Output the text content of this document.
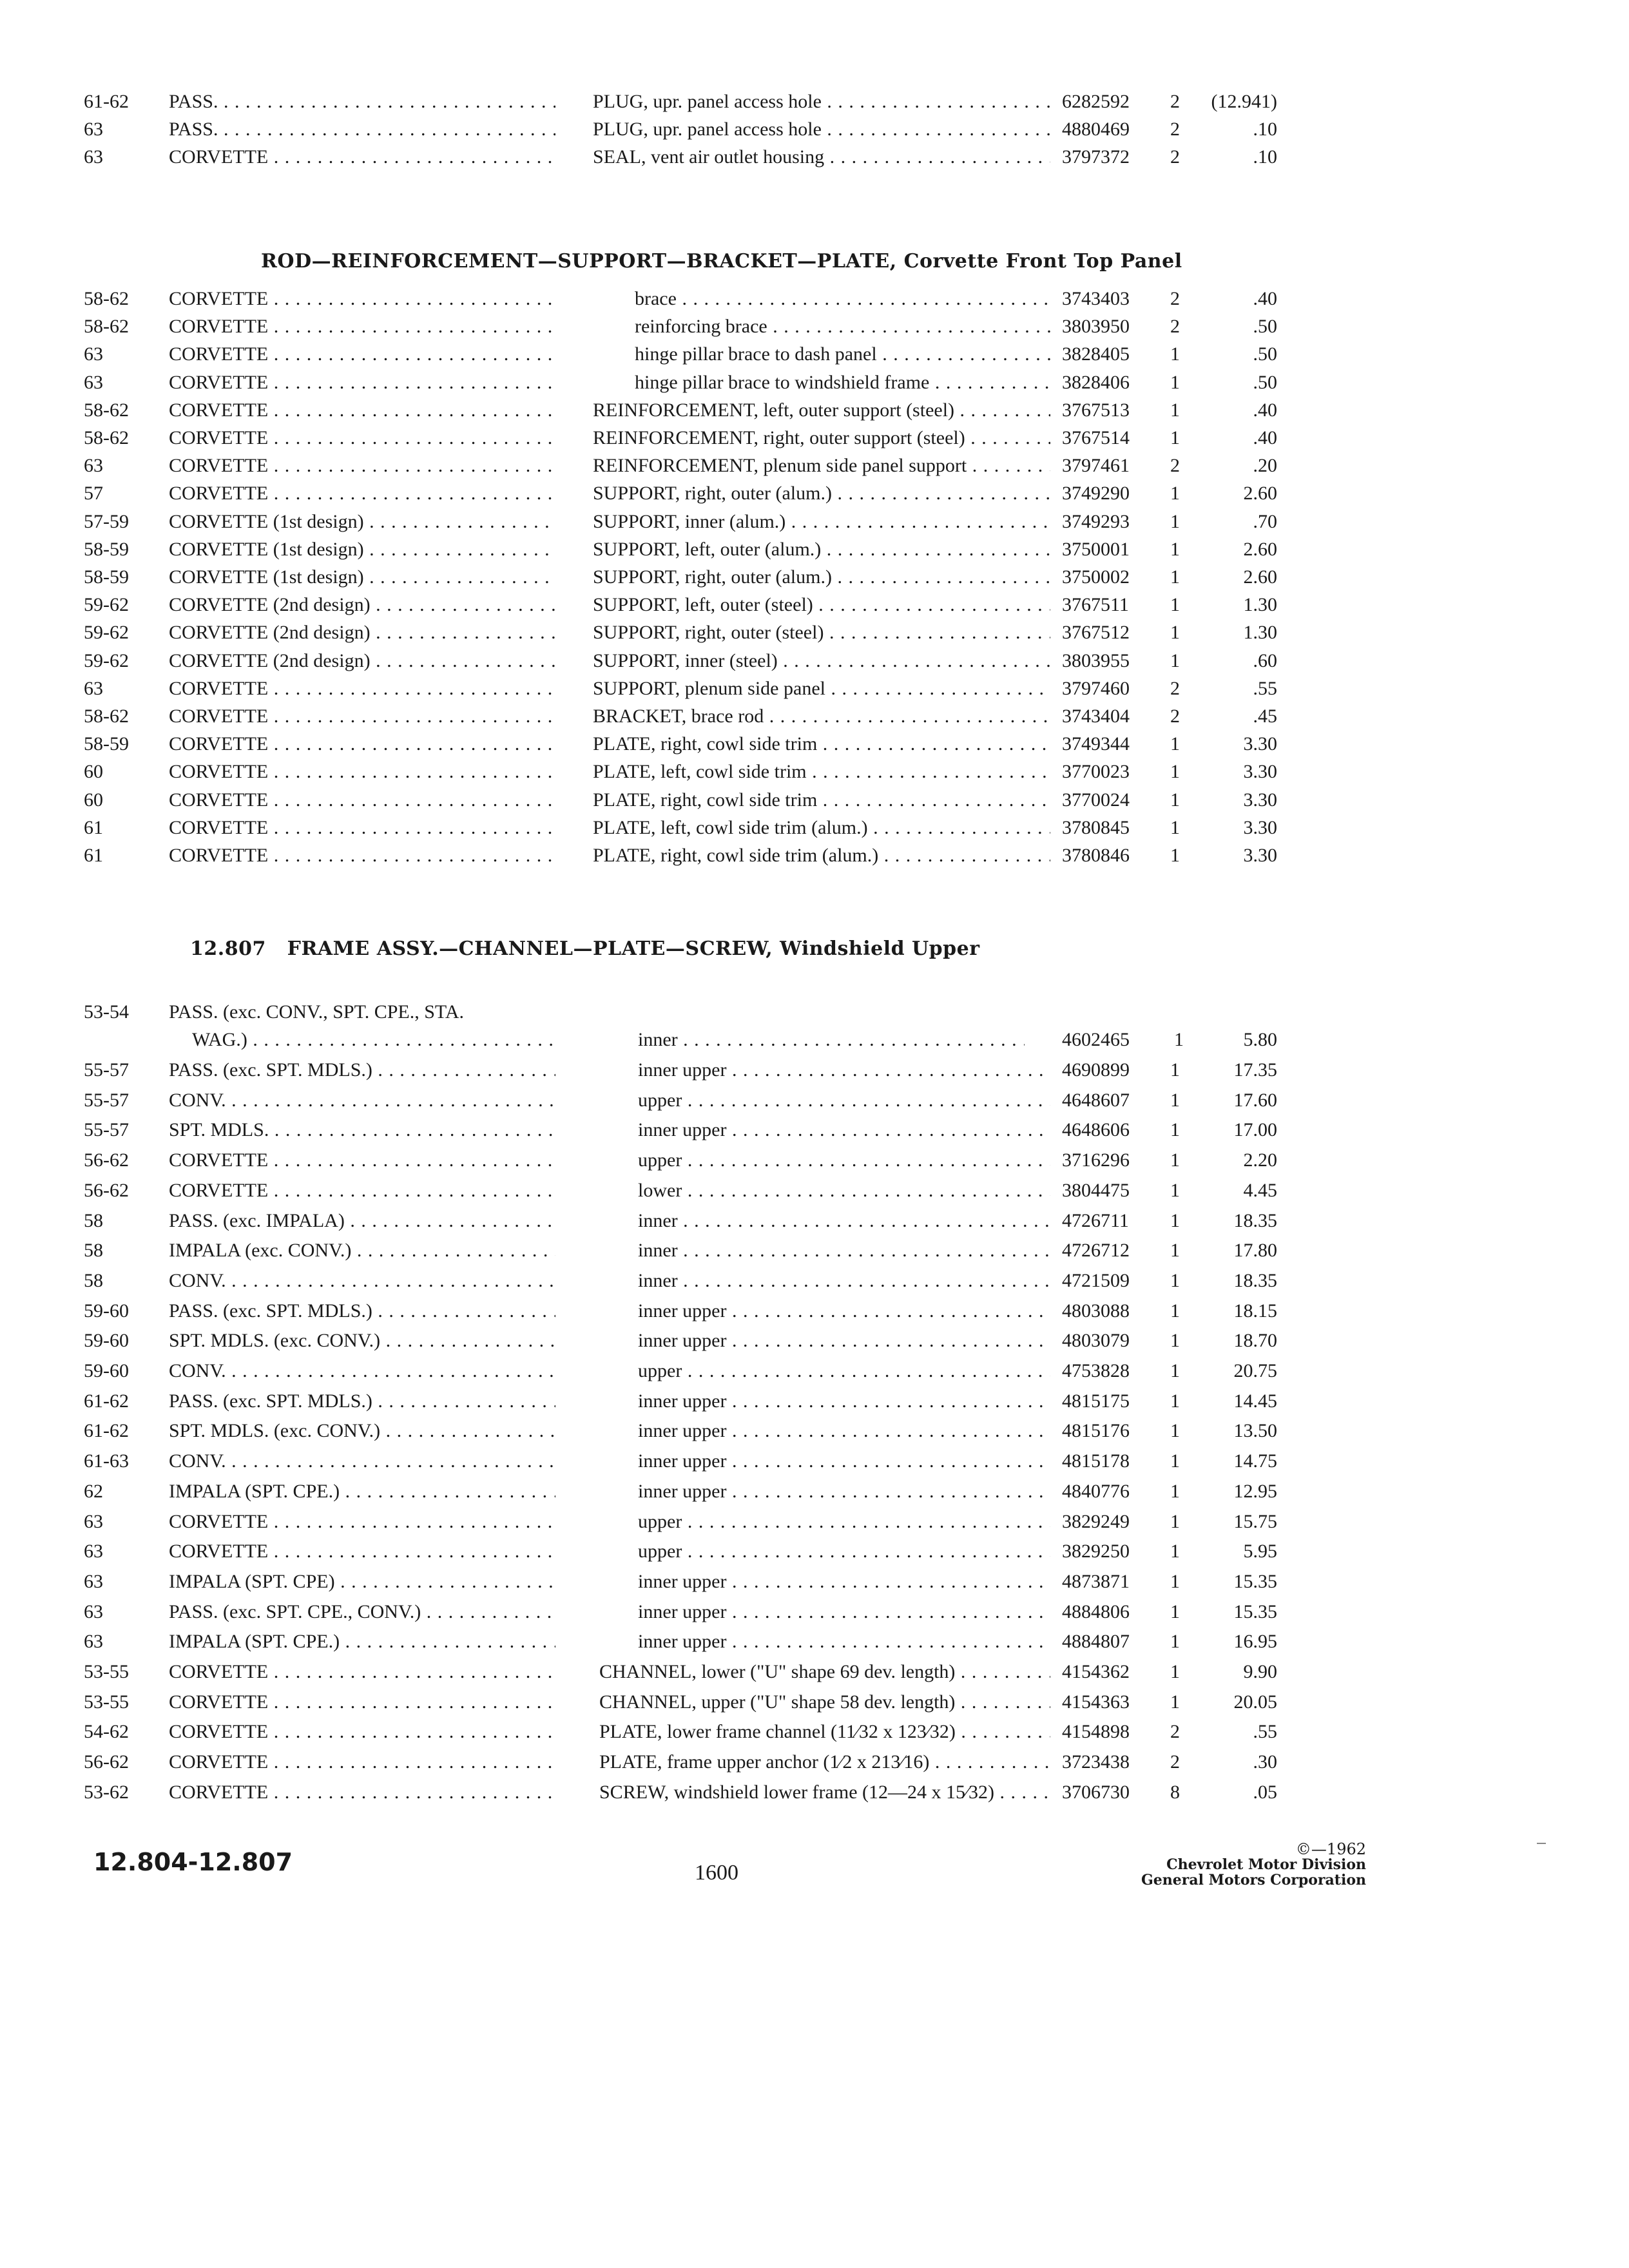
61-62 PASS. . . .	PLUG, upr. panel access hole . . .	6282592 2	(12.941)
63	PASS. . . .	PLUG, upr. panel access hole . . .	4880469 2	.10
63	CORVETTE . . .	SEAL, vent air outlet housing . . .	3797372 2	.10
ROD—REINFORCEMENT—SUPPORT—BRACKET—PLATE, Corvette Front Top Panel
58-62 CORVETTE . . .	brace . . .	3743403 2	.40
58-62 CORVETTE . . .	reinforcing brace . . .	3803950 2	.50
63	CORVETTE . . .	hinge pillar brace to dash panel . . .	3828405 1	.50
63	CORVETTE . . .	hinge pillar brace to windshield frame . . .	3828406 1	.50
58-62 CORVETTE . . .	REINFORCEMENT, left, outer support (steel) . . .	3767513 1	.40
58-62 CORVETTE . . .	REINFORCEMENT, right, outer support (steel) . . .	3767514 1	.40
63	CORVETTE . . .	REINFORCEMENT, plenum side panel support . . .	3797461 2	.20
57	CORVETTE . . .	SUPPORT, right, outer (alum.) . . .	3749290 1	2.60
57-59 CORVETTE (1st design) . . .	SUPPORT, inner (alum.) . . .	3749293 1	.70
58-59 CORVETTE (1st design) . . .	SUPPORT, left, outer (alum.) . . .	3750001 1	2.60
58-59 CORVETTE (1st design) . . .	SUPPORT, right, outer (alum.) . . .	3750002 1	2.60
59-62 CORVETTE (2nd design) . . .	SUPPORT, left, outer (steel) . . .	3767511 1	1.30
59-62 CORVETTE (2nd design) . . .	SUPPORT, right, outer (steel) . . .	3767512 1	1.30
59-62 CORVETTE (2nd design) . . .	SUPPORT, inner (steel) . . .	3803955 1	.60
63	CORVETTE . . .	SUPPORT, plenum side panel . . .	3797460 2	.55
58-62 CORVETTE . . .	BRACKET, brace rod . . .	3743404 2	.45
58-59 CORVETTE . . .	PLATE, right, cowl side trim . . .	3749344 1	3.30
60	CORVETTE . . .	PLATE, left, cowl side trim . . .	3770023 1	3.30
60	CORVETTE . . .	PLATE, right, cowl side trim . . .	3770024 1	3.30
61	CORVETTE . . .	PLATE, left, cowl side trim (alum.) . . .	3780845 1	3.30
61	CORVETTE . . .	PLATE, right, cowl side trim (alum.) . . .	3780846 1	3.30
12.807 FRAME ASSY.—CHANNEL—PLATE—SCREW, Windshield Upper
53-54 PASS. (exc. CONV., SPT. CPE., STA.
WAG.) . . .	inner . . .	4602465 1	5.80
55-57 PASS. (exc. SPT. MDLS.) . . .	inner upper . . .	4690899 1	17.35
55-57 CONV. . . .	upper . . .	4648607 1	17.60
55-57 SPT. MDLS. . . .	inner upper . . .	4648606 1	17.00
56-62 CORVETTE . . .	upper . . .	3716296 1	2.20
56-62 CORVETTE . . .	lower . . .	3804475 1	4.45
58	PASS. (exc. IMPALA) . . .	inner . . .	4726711 1	18.35
58	IMPALA (exc. CONV.) . . .	inner . . .	4726712 1	17.80
58	CONV. . . .	inner . . .	4721509 1	18.35
59-60 PASS. (exc. SPT. MDLS.) . . .	inner upper . . .	4803088 1	18.15
59-60 SPT. MDLS. (exc. CONV.) . . .	inner upper . . .	4803079 1	18.70
59-60 CONV. . . .	upper . . .	4753828 1	20.75
61-62 PASS. (exc. SPT. MDLS.) . . .	inner upper . . .	4815175 1	14.45
61-62 SPT. MDLS. (exc. CONV.) . . .	inner upper . . .	4815176 1	13.50
61-63 CONV. . . .	inner upper . . .	4815178 1	14.75
62	IMPALA (SPT. CPE.) . . .	inner upper . . .	4840776 1	12.95
63	CORVETTE . . .	upper . . .	3829249 1	15.75
63	CORVETTE . . .	upper . . .	3829250 1	5.95
63	IMPALA (SPT. CPE) . . .	inner upper . . .	4873871 1	15.35
63	PASS. (exc. SPT. CPE., CONV.) . . .	inner upper . . .	4884806 1	15.35
63	IMPALA (SPT. CPE.) . . .	inner upper . . .	4884807 1	16.95
53-55 CORVETTE . . .	CHANNEL, lower ("U" shape 69 dev. length) . . .	4154362 1	9.90
53-55 CORVETTE . . .	CHANNEL, upper ("U" shape 58 dev. length) . . .	4154363 1	20.05
54-62 CORVETTE . . .	PLATE, lower frame channel (11⁄32 x 123⁄32) . . .	4154898 2	.55
56-62 CORVETTE . . .	PLATE, frame upper anchor (1⁄2 x 213⁄16) . . .	3723438 2	.30
53-62 CORVETTE . . .	SCREW, windshield lower frame (12—24 x 15⁄32) . . .	3706730 8	.05
12.804-12.807	1600
©—1962
Chevrolet Motor Division
General Motors Corporation
